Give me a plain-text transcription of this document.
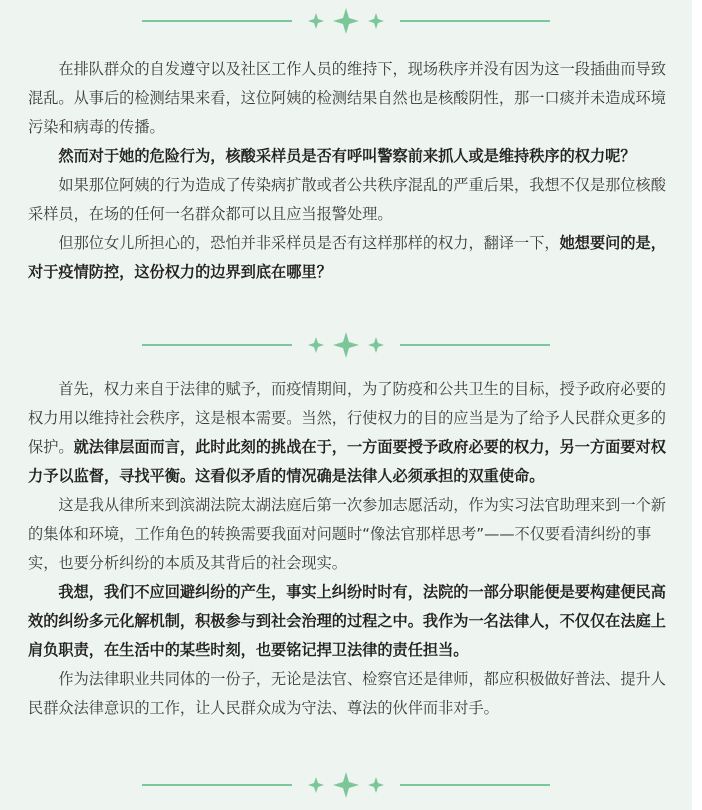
在排队群众的自发遵守以及社区工作人员的维持下，现场秩序并没有因为这一段插曲而导致混乱。从事后的检测结果来看，这位阿姨的检测结果自然也是核酸阴性，那一口痰并未造成环境污染和病毒的传播。

然而对于她的危险行为，核酸采样员是否有呼叫警察前来抓人或是维持秩序的权力呢？

如果那位阿姨的行为造成了传染病扩散或者公共秩序混乱的严重后果，我想不仅是那位核酸采样员，在场的任何一名群众都可以且应当报警处理。

但那位女儿所担心的，恐怕并非采样员是否有这样那样的权力，翻译一下，她想要问的是，对于疫情防控，这份权力的边界到底在哪里？

首先，权力来自于法律的赋予，而疫情期间，为了防疫和公共卫生的目标，授予政府必要的权力用以维持社会秩序，这是根本需要。当然，行使权力的目的应当是为了给予人民群众更多的保护。就法律层面而言，此时此刻的挑战在于，一方面要授予政府必要的权力，另一方面要对权力予以监督，寻找平衡。这看似矛盾的情况确是法律人必须承担的双重使命。

这是我从律所来到滨湖法院太湖法庭后第一次参加志愿活动，作为实习法官助理来到一个新的集体和环境，工作角色的转换需要我面对问题时“像法官那样思考”——不仅要看清纠纷的事实，也要分析纠纷的本质及其背后的社会现实。

我想，我们不应回避纠纷的产生，事实上纠纷时时有，法院的一部分职能便是要构建便民高效的纠纷多元化解机制，积极参与到社会治理的过程之中。我作为一名法律人，不仅仅在法庭上肩负职责，在生活中的某些时刻，也要铭记捍卫法律的责任担当。

作为法律职业共同体的一份子，无论是法官、检察官还是律师，都应积极做好普法、提升人民群众法律意识的工作，让人民群众成为守法、尊法的伙伴而非对手。
